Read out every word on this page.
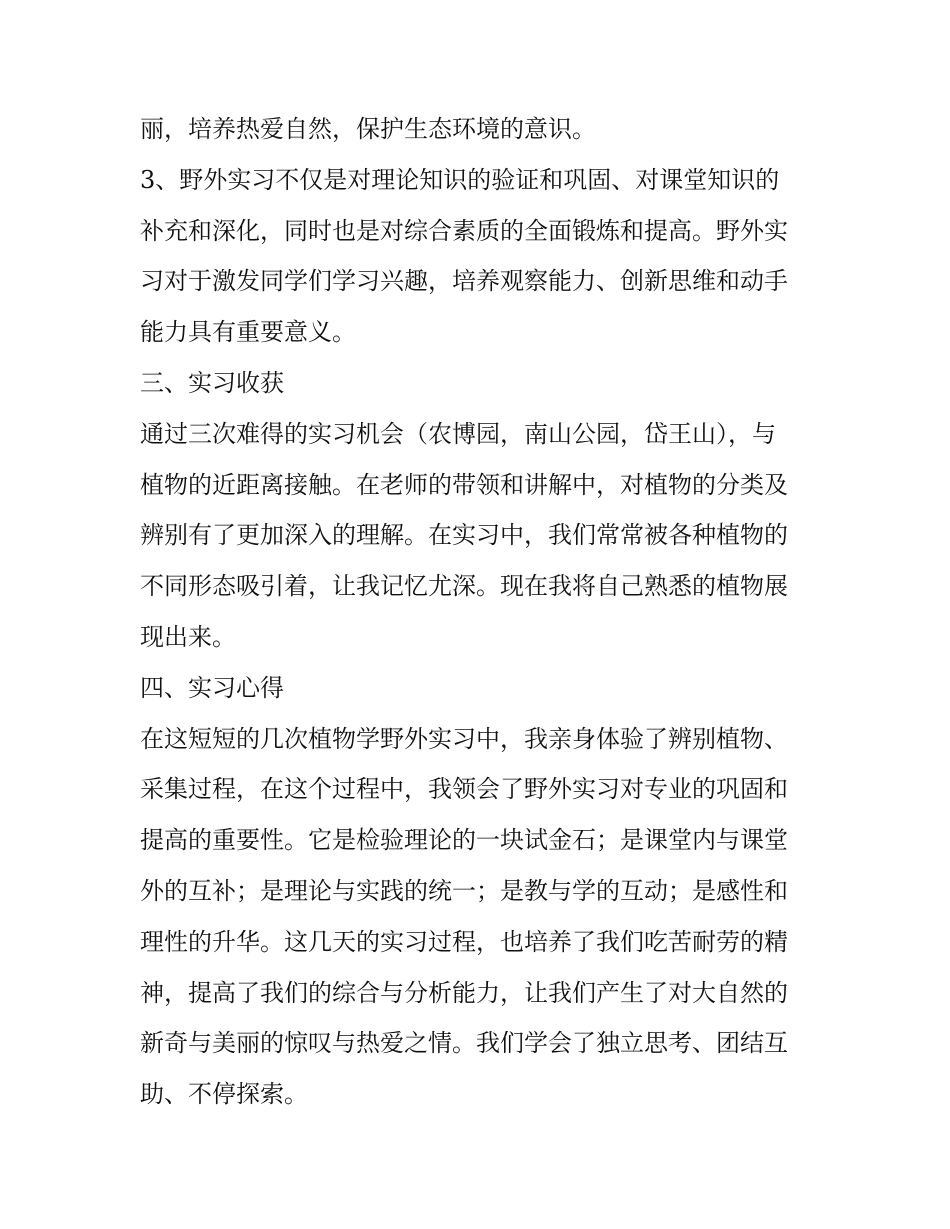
丽，培养热爱自然，保护生态环境的意识。
3、野外实习不仅是对理论知识的验证和巩固、对课堂知识的
补充和深化，同时也是对综合素质的全面锻炼和提高。野外实
习对于激发同学们学习兴趣，培养观察能力、创新思维和动手
能力具有重要意义。
三、实习收获
通过三次难得的实习机会（农博园，南山公园，岱王山），与
植物的近距离接触。在老师的带领和讲解中，对植物的分类及
辨别有了更加深入的理解。在实习中，我们常常被各种植物的
不同形态吸引着，让我记忆尤深。现在我将自己熟悉的植物展
现出来。
四、实习心得
在这短短的几次植物学野外实习中，我亲身体验了辨别植物、
采集过程，在这个过程中，我领会了野外实习对专业的巩固和
提高的重要性。它是检验理论的一块试金石；是课堂内与课堂
外的互补；是理论与实践的统一；是教与学的互动；是感性和
理性的升华。这几天的实习过程，也培养了我们吃苦耐劳的精
神，提高了我们的综合与分析能力，让我们产生了对大自然的
新奇与美丽的惊叹与热爱之情。我们学会了独立思考、团结互
助、不停探索。
